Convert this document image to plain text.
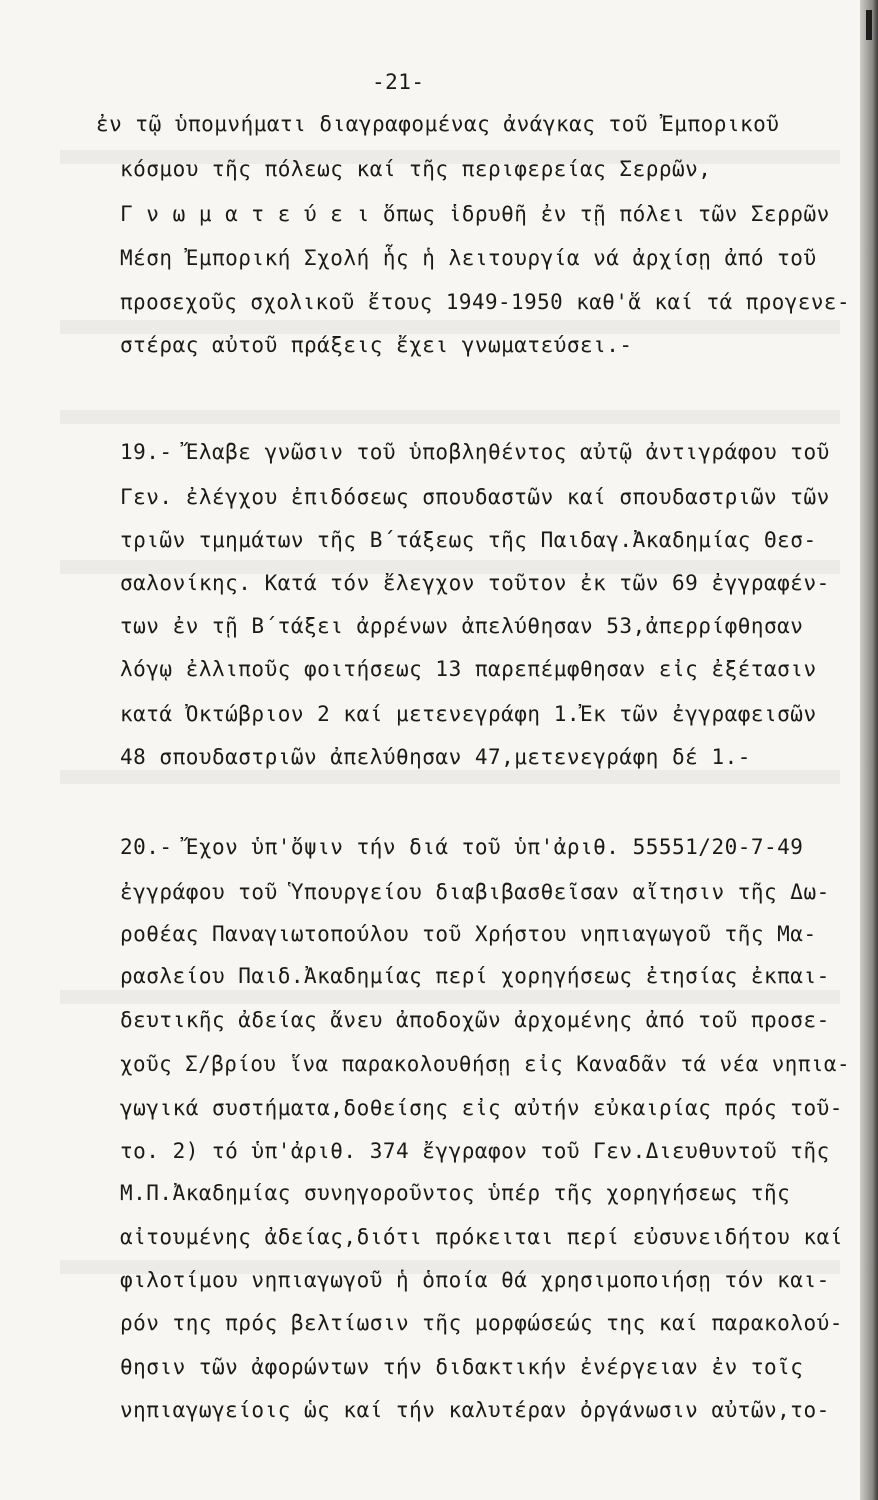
-21-
ἐν τῷ ὑπομνήματι διαγραφομένας ἀνάγκας τοῦ Ἐμπορικοῦ
κόσμου τῆς πόλεως καί τῆς περιφερείας Σερρῶν,
Γ ν ω μ α τ ε ύ ε ι ὅπως ἱδρυθῆ ἐν τῇ πόλει τῶν Σερρῶν
Μέση Ἐμπορική Σχολή ἧς ἡ λειτουργία νά ἀρχίσῃ ἀπό τοῦ
προσεχοῦς σχολικοῦ ἔτους 1949-1950 καθ'ἅ καί τά προγενε-
στέρας αὐτοῦ πράξεις ἔχει γνωματεύσει.-
19.- Ἔλαβε γνῶσιν τοῦ ὑποβληθέντος αὐτῷ ἀντιγράφου τοῦ
Γεν. ἐλέγχου ἐπιδόσεως σπουδαστῶν καί σπουδαστριῶν τῶν
τριῶν τμημάτων τῆς Β΄τάξεως τῆς Παιδαγ.Ἀκαδημίας Θεσ-
σαλονίκης. Κατά τόν ἔλεγχον τοῦτον ἐκ τῶν 69 ἐγγραφέν-
των ἐν τῇ Β΄τάξει ἀρρένων ἀπελύθησαν 53,ἀπερρίφθησαν
λόγῳ ἐλλιποῦς φοιτήσεως 13 παρεπέμφθησαν εἰς ἐξέτασιν
κατά Ὀκτώβριον 2 καί μετενεγράφη 1.Ἐκ τῶν ἐγγραφεισῶν
48 σπουδαστριῶν ἀπελύθησαν 47,μετενεγράφη δέ 1.-
20.- Ἔχον ὑπ'ὄψιν τήν διά τοῦ ὑπ'ἀριθ. 55551/20-7-49
ἐγγράφου τοῦ Ὑπουργείου διαβιβασθεῖσαν αἴτησιν τῆς Δω-
ροθέας Παναγιωτοπούλου τοῦ Χρήστου νηπιαγωγοῦ τῆς Μα-
ρασλείου Παιδ.Ἀκαδημίας περί χορηγήσεως ἐτησίας ἐκπαι-
δευτικῆς ἀδείας ἄνευ ἀποδοχῶν ἀρχομένης ἀπό τοῦ προσε-
χοῦς Σ/βρίου ἵνα παρακολουθήσῃ εἰς Καναδᾶν τά νέα νηπια-
γωγικά συστήματα,δοθείσης εἰς αὐτήν εὐκαιρίας πρός τοῦ-
το. 2) τό ὑπ'ἀριθ. 374 ἔγγραφον τοῦ Γεν.Διευθυντοῦ τῆς
Μ.Π.Ἀκαδημίας συνηγοροῦντος ὑπέρ τῆς χορηγήσεως τῆς
αἰτουμένης ἀδείας,διότι πρόκειται περί εὐσυνειδήτου καί
φιλοτίμου νηπιαγωγοῦ ἡ ὁποία θά χρησιμοποιήσῃ τόν και-
ρόν της πρός βελτίωσιν τῆς μορφώσεώς της καί παρακολού-
θησιν τῶν ἀφορώντων τήν διδακτικήν ἐνέργειαν ἐν τοῖς
νηπιαγωγείοις ὡς καί τήν καλυτέραν ὀργάνωσιν αὐτῶν,το-
